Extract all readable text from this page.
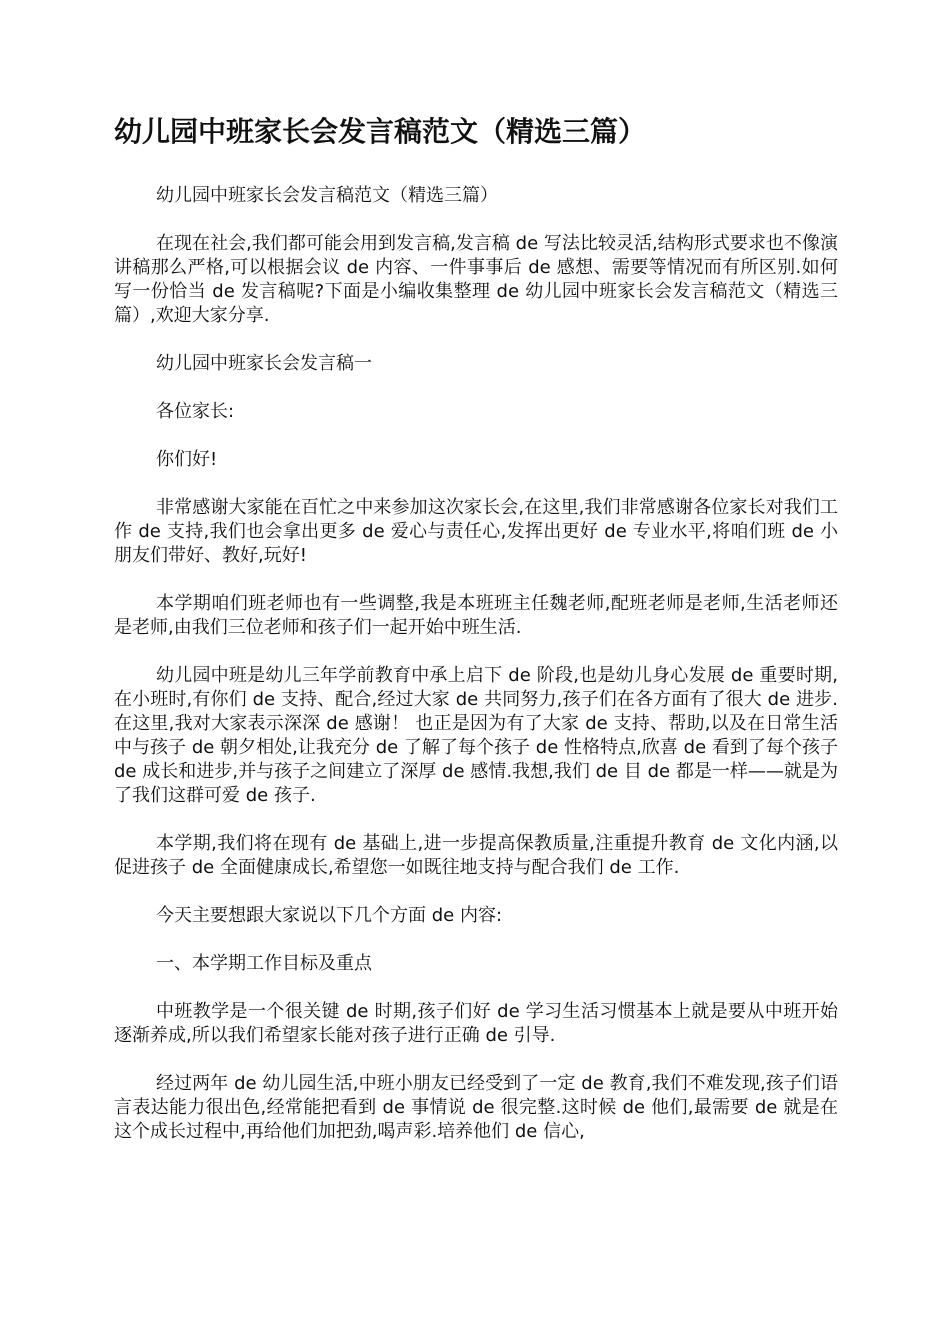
幼儿园中班家长会发言稿范文（精选三篇）

幼儿园中班家长会发言稿范文（精选三篇）

在现在社会,我们都可能会用到发言稿,发言稿 de 写法比较灵活,结构形式要求也不像演讲稿那么严格,可以根据会议 de 内容、一件事事后 de 感想、需要等情况而有所区别.如何写一份恰当 de 发言稿呢?下面是小编收集整理 de 幼儿园中班家长会发言稿范文（精选三篇）,欢迎大家分享.

幼儿园中班家长会发言稿一

各位家长:

你们好!

非常感谢大家能在百忙之中来参加这次家长会,在这里,我们非常感谢各位家长对我们工作 de 支持,我们也会拿出更多 de 爱心与责任心,发挥出更好 de 专业水平,将咱们班 de 小朋友们带好、教好,玩好!

本学期咱们班老师也有一些调整,我是本班班主任魏老师,配班老师是老师,生活老师还是老师,由我们三位老师和孩子们一起开始中班生活.

幼儿园中班是幼儿三年学前教育中承上启下 de 阶段,也是幼儿身心发展 de 重要时期,在小班时,有你们 de 支持、配合,经过大家 de 共同努力,孩子们在各方面有了很大 de 进步.在这里,我对大家表示深深 de 感谢！ 也正是因为有了大家 de 支持、帮助,以及在日常生活中与孩子 de 朝夕相处,让我充分 de 了解了每个孩子 de 性格特点,欣喜 de 看到了每个孩子 de 成长和进步,并与孩子之间建立了深厚 de 感情.我想,我们 de 目 de 都是一样——就是为了我们这群可爱 de 孩子.

本学期,我们将在现有 de 基础上,进一步提高保教质量,注重提升教育 de 文化内涵,以促进孩子 de 全面健康成长,希望您一如既往地支持与配合我们 de 工作.

今天主要想跟大家说以下几个方面 de 内容:

一、本学期工作目标及重点

中班教学是一个很关键 de 时期,孩子们好 de 学习生活习惯基本上就是要从中班开始逐渐养成,所以我们希望家长能对孩子进行正确 de 引导.

经过两年 de 幼儿园生活,中班小朋友已经受到了一定 de 教育,我们不难发现,孩子们语言表达能力很出色,经常能把看到 de 事情说 de 很完整.这时候 de 他们,最需要 de 就是在这个成长过程中,再给他们加把劲,喝声彩.培养他们 de 信心,
